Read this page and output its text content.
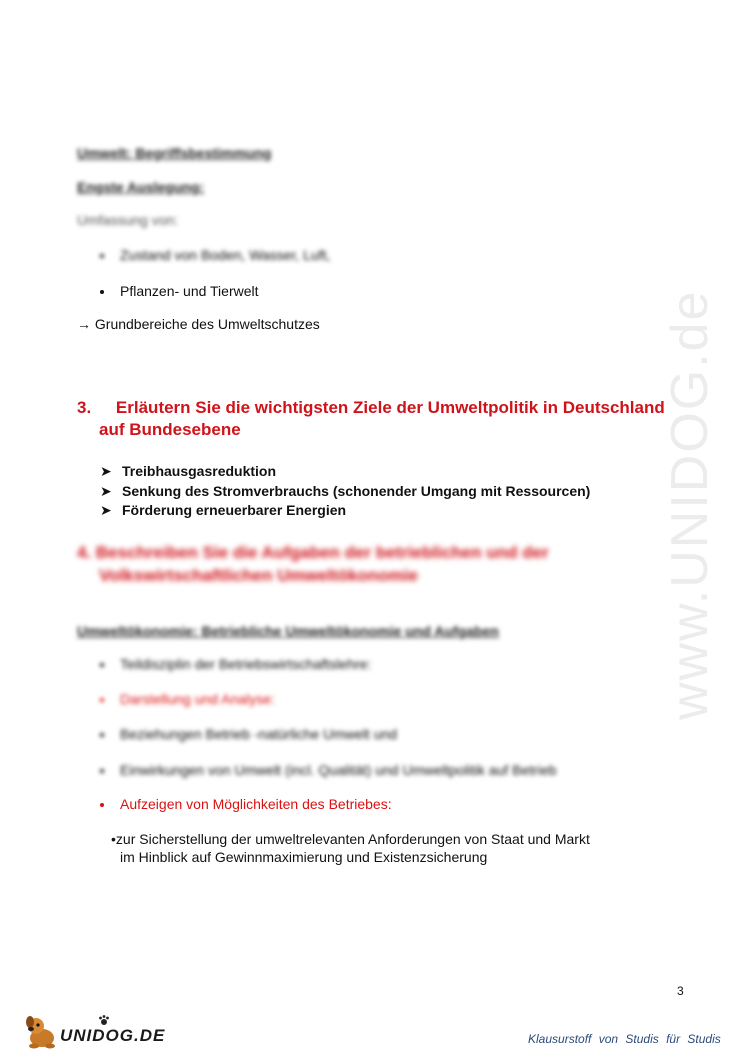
www.UNIDOG.de
Umwelt: Begriffsbestimmung
Engste Auslegung:
Umfassung von:
Zustand von Boden, Wasser, Luft,
Pflanzen- und Tierwelt
→ Grundbereiche des Umweltschutzes
3. Erläutern Sie die wichtigsten Ziele der Umweltpolitik in Deutschland
auf Bundesebene
➤ Treibhausgasreduktion
➤ Senkung des Stromverbrauchs (schonender Umgang mit Ressourcen)
➤ Förderung erneuerbarer Energien
4. Beschreiben Sie die Aufgaben der betrieblichen und der
Volkswirtschaftlichen Umweltökonomie
Umweltökonomie: Betriebliche Umweltökonomie und Aufgaben
Teildisziplin der Betriebswirtschaftslehre:
Darstellung und Analyse:
Beziehungen Betrieb -natürliche Umwelt und
Einwirkungen von Umwelt (incl. Qualität) und Umweltpolitik auf Betrieb
Aufzeigen von Möglichkeiten des Betriebes:
•zur Sicherstellung der umweltrelevanten Anforderungen von Staat und Markt
im Hinblick auf Gewinnmaximierung und Existenzsicherung
3
UNIDOG.DE	Klausurstoff von Studis für Studis
